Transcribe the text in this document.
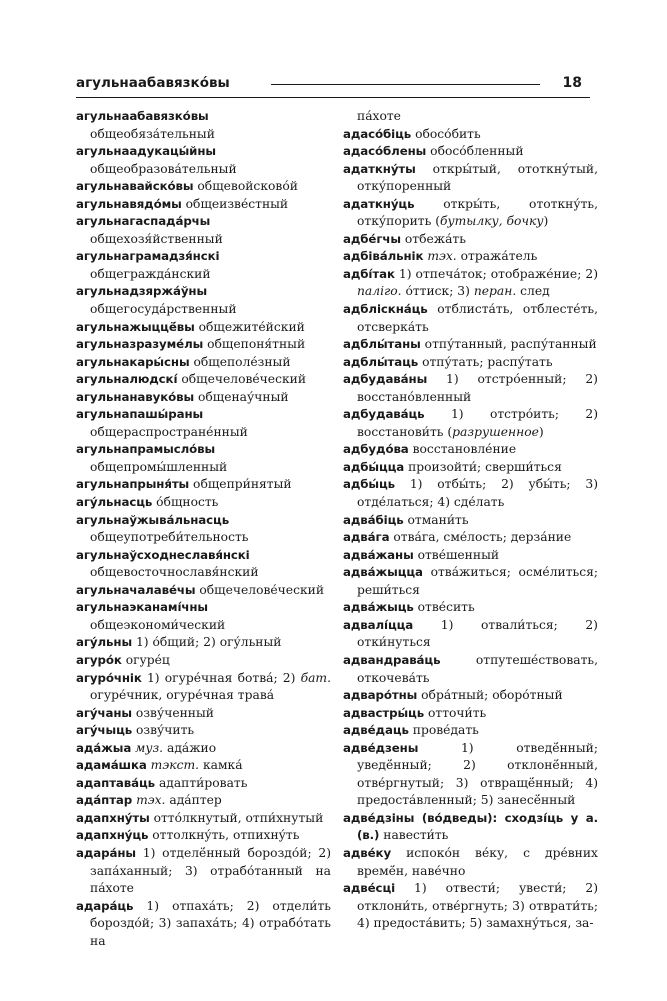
агульнаабавязко́вы	18

агульнаабавязко́вы общеобяза́тельный

агульнаадукацы́йны общеобразова́тельный

агульнавайско́вы общевойсково́й

агульнавядо́мы общеизве́стный

агульнагаспада́рчы общехозя́йственный

агульнаграмадзя́нскі общегражда́нский

агульнадзяржа́ўны общегосуда́рственный

агульнажыццё́вы общежите́йский

агульназразуме́лы общепоня́тный

агульнакары́сны общеполе́зный

агульналюдскі́ общечелове́ческий

агульнанавуко́вы общенау́чный

агульнапашы́раны общераспростране́нный

агульнапрамысло́вы общепромы́шленный

агульнапрыня́ты общепри́нятый

агу́льнасць о́бщность

агульнаўжыва́льнасць общеупотреби́тельность

агульнаўсходнеславя́нскі общевосточнославя́нский

агульначалаве́чы общечелове́ческий

агульнаэканамі́чны общеэкономи́ческий

агу́льны 1) о́бщий; 2) огу́льный

агуро́к огуре́ц

агуро́чнік 1) огуре́чная ботва́; 2) бат. огуре́чник, огуре́чная трава́

агу́чаны озву́ченный

агу́чыць озву́чить

ада́жыа муз. ада́жио

адама́шка тэкст. камка́

адаптава́ць адапти́ровать

ада́птар тэх. ада́птер

адапхну́ты отто́лкнутый, отпи́хнутый

адапхну́ць оттолкну́ть, отпихну́ть

адара́ны 1) отделё́нный бороздо́й; 2) запа́ханный; 3) отрабо́танный на па́хоте

адара́ць 1) отпаха́ть; 2) отдели́ть бороздо́й; 3) запаха́ть; 4) отрабо́тать на

па́хоте

адасо́біць обосо́бить

адасо́блены обосо́бленный

адаткну́ты откры́тый, ототкну́тый, отку́поренный

адаткну́ць откры́ть, ототкну́ть, отку́порить (бутылку, бочку)

адбе́гчы отбежа́ть

адбіва́льнік тэх. отража́тель

адбі́так 1) отпеча́ток; отображе́ние; 2) паліго. о́ттиск; 3) перан. след

адбліскна́ць отблиста́ть, отблесте́ть, отсверка́ть

адблы́таны отпу́танный, распу́танный

адблы́таць отпу́тать; распу́тать

адбудава́ны 1) отстро́енный; 2) восстано́вленный

адбудава́ць 1) отстро́ить; 2) восстанови́ть (разрушенное)

адбудо́ва восстановле́ние

адбы́цца произойти́; сверши́ться

адбы́ць 1) отбы́ть; 2) убы́ть; 3) отде́латься; 4) сде́лать

адва́біць отмани́ть

адва́га отва́га, сме́лость; дерза́ние

адва́жаны отве́шенный

адва́жыцца отва́житься; осме́литься; реши́ться

адва́жыць отве́сить

адвалі́цца 1) отвали́ться; 2) отки́нуться

адвандрава́ць	отпутеше́ствовать, откочева́ть

адваро́тны обра́тный; оборо́тный

адвастры́ць отточи́ть

адве́даць прове́дать

адве́дзены	1) отведё́нный; уведё́нный; 2) отклонё́нный, отве́ргнутый; 3) отвращё́нный; 4) предоста́вленный; 5) занесё́нный

адве́дзіны (во́дведы): сходзі́ць у а. (в.) навести́ть

адве́ку испоко́н ве́ку, с дре́вних времё́н, наве́чно

адве́сці 1) отвести́; увести́; 2) отклони́ть, отве́ргнуть; 3) отврати́ть; 4) предоста́вить; 5) замахну́ться, за-
